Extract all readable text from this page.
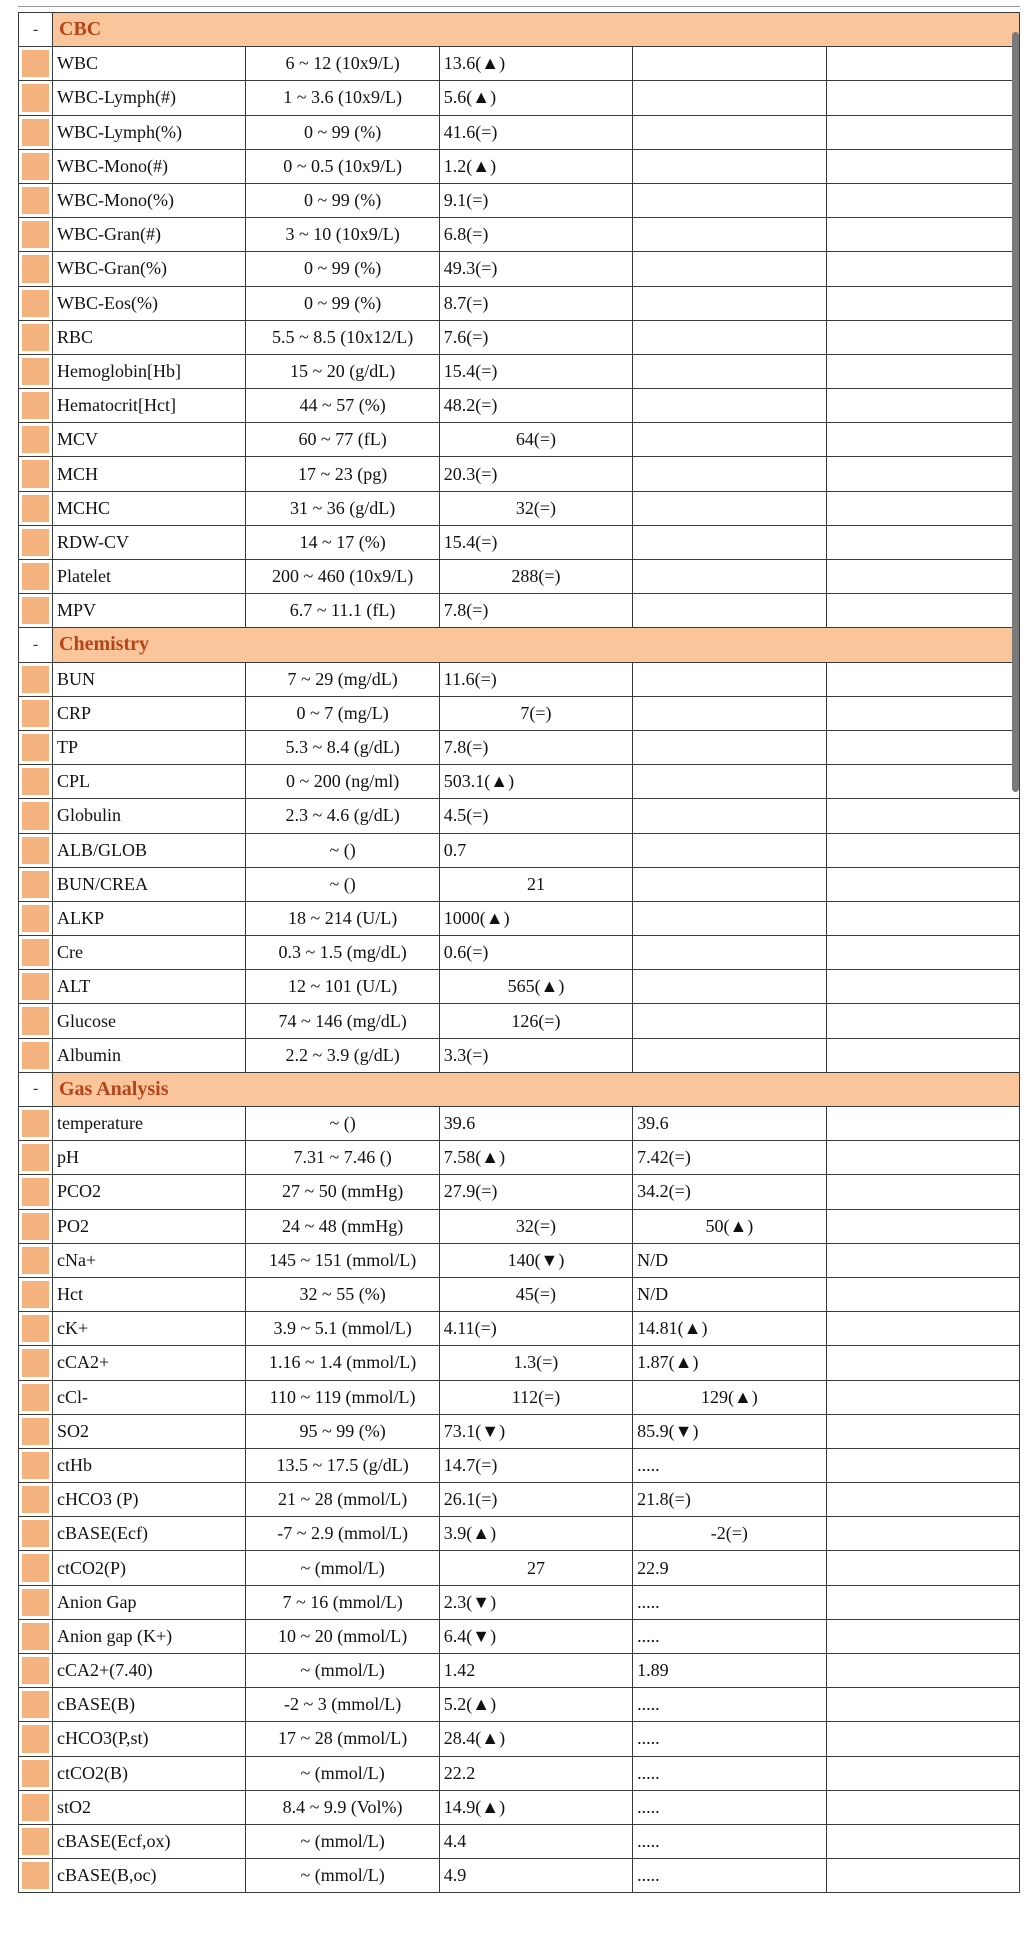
-	CBC				

	WBC	6 ~ 12 (10x9/L)	13.6(▲)		

	WBC-Lymph(#)	1 ~ 3.6 (10x9/L)	5.6(▲)		

	WBC-Lymph(%)	0 ~ 99 (%)	41.6(=)		

	WBC-Mono(#)	0 ~ 0.5 (10x9/L)	1.2(▲)		

	WBC-Mono(%)	0 ~ 99 (%)	9.1(=)		

	WBC-Gran(#)	3 ~ 10 (10x9/L)	6.8(=)		

	WBC-Gran(%)	0 ~ 99 (%)	49.3(=)		

	WBC-Eos(%)	0 ~ 99 (%)	8.7(=)		

	RBC	5.5 ~ 8.5 (10x12/L)	7.6(=)		

	Hemoglobin[Hb]	15 ~ 20 (g/dL)	15.4(=)		

	Hematocrit[Hct]	44 ~ 57 (%)	48.2(=)		

	MCV	60 ~ 77 (fL)	64(=)		

	MCH	17 ~ 23 (pg)	20.3(=)		

	MCHC	31 ~ 36 (g/dL)	32(=)		

	RDW-CV	14 ~ 17 (%)	15.4(=)		

	Platelet	200 ~ 460 (10x9/L)	288(=)		

	MPV	6.7 ~ 11.1 (fL)	7.8(=)		
-	Chemistry				

	BUN	7 ~ 29 (mg/dL)	11.6(=)		

	CRP	0 ~ 7 (mg/L)	7(=)		

	TP	5.3 ~ 8.4 (g/dL)	7.8(=)		

	CPL	0 ~ 200 (ng/ml)	503.1(▲)		

	Globulin	2.3 ~ 4.6 (g/dL)	4.5(=)		

	ALB/GLOB	~ ()	0.7		

	BUN/CREA	~ ()	21		

	ALKP	18 ~ 214 (U/L)	1000(▲)		

	Cre	0.3 ~ 1.5 (mg/dL)	0.6(=)		

	ALT	12 ~ 101 (U/L)	565(▲)		

	Glucose	74 ~ 146 (mg/dL)	126(=)		

	Albumin	2.2 ~ 3.9 (g/dL)	3.3(=)		
-	Gas Analysis				

	temperature	~ ()	39.6	39.6	

	pH	7.31 ~ 7.46 ()	7.58(▲)	7.42(=)	

	PCO2	27 ~ 50 (mmHg)	27.9(=)	34.2(=)	

	PO2	24 ~ 48 (mmHg)	32(=)	50(▲)	

	cNa+	145 ~ 151 (mmol/L)	140(▼)	N/D	

	Hct	32 ~ 55 (%)	45(=)	N/D	

	cK+	3.9 ~ 5.1 (mmol/L)	4.11(=)	14.81(▲)	

	cCA2+	1.16 ~ 1.4 (mmol/L)	1.3(=)	1.87(▲)	

	cCl-	110 ~ 119 (mmol/L)	112(=)	129(▲)	

	SO2	95 ~ 99 (%)	73.1(▼)	85.9(▼)	

	ctHb	13.5 ~ 17.5 (g/dL)	14.7(=)	.....	

	cHCO3 (P)	21 ~ 28 (mmol/L)	26.1(=)	21.8(=)	

	cBASE(Ecf)	-7 ~ 2.9 (mmol/L)	3.9(▲)	-2(=)	

	ctCO2(P)	~ (mmol/L)	27	22.9	

	Anion Gap	7 ~ 16 (mmol/L)	2.3(▼)	.....	

	Anion gap (K+)	10 ~ 20 (mmol/L)	6.4(▼)	.....	

	cCA2+(7.40)	~ (mmol/L)	1.42	1.89	

	cBASE(B)	-2 ~ 3 (mmol/L)	5.2(▲)	.....	

	cHCO3(P,st)	17 ~ 28 (mmol/L)	28.4(▲)	.....	

	ctCO2(B)	~ (mmol/L)	22.2	.....	

	stO2	8.4 ~ 9.9 (Vol%)	14.9(▲)	.....	

	cBASE(Ecf,ox)	~ (mmol/L)	4.4	.....	

	cBASE(B,oc)	~ (mmol/L)	4.9	.....	
